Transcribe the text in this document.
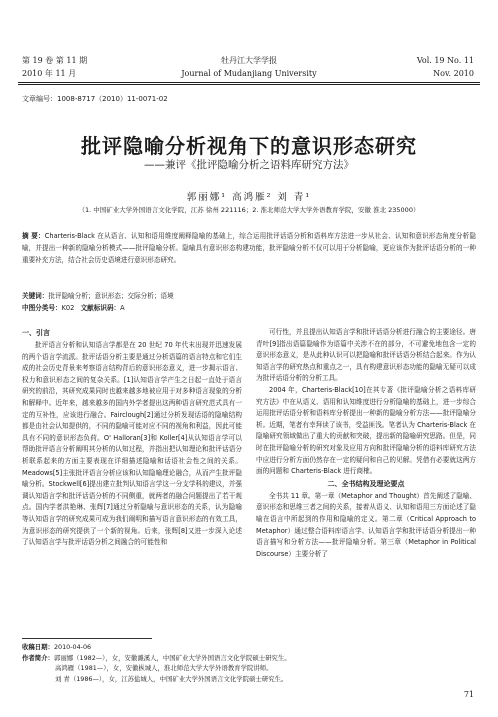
第 19 卷 第 11 期	牡丹江大学学报	Vol. 19 No. 11
2010 年 11 月	Journal of Mudanjiang University	Nov. 2010
文章编号：1008-8717（2010）11-0071-02
批评隐喻分析视角下的意识形态研究
——兼评《批评隐喻分析之语料库研究方法》
郭丽娜¹ 高鸿雁² 刘 青¹
（1. 中国矿业大学外国语言文化学院，江苏 徐州 221116；2. 淮北师范大学大学外语教育学院，安徽 淮北 235000）
摘 要：Charteris-Black 在从语言、认知和语用维度阐释隐喻的基础上，综合运用批评话语分析和语料库方法进一步从社会、认知和意识形态角度分析隐喻，并提出一种新的隐喻分析模式——批评隐喻分析。隐喻具有意识形态构建功能，批评隐喻分析不仅可以用于分析隐喻，更应该作为批评话语分析的一种重要补充方法，结合社会历史语境进行意识形态研究。
关键词：批评隐喻分析；意识形态；交际分析；语境
中图分类号：K02 文献标识码：A
一、引言

批评语言分析和认知语言学都是在 20 世纪 70 年代末出现并迅速发展的两个语言学流派。批评话语分析主要是通过分析语篇的语言特点和它们生成的社会历史背景来考察语言结构背后的意识形态意义，进一步揭示语言、权力和意识形态之间的复杂关系。[1]认知语言学产生之日起一直处于语言研究的前沿，其研究成果同时也越来越多地被应用于对多种语言现象的分析和解释中。近年来，越来越多的国内外学者提出这两种语言研究范式具有一定的互补性，应该进行融合。Fairclough[2]通过分析发现话语的隐喻结构都是由社会认知提供的，不同的隐喻可能对应不同的视角和利益，因此可能具有不同的意识形态负荷。O' Halloran[3]和 Koller[4]从认知语言学可以帮助批评语言分析阐明其分析的认知过程，并指出把认知理论和批评话语分析联系起来的方面主要表现在详细描述隐喻和话语社会性之间的关系。Meadows[5]主张批评语言分析应该和认知隐喻理论融合，从而产生批评隐喻分析。Stockwell[6]提出建立批判认知语言学这一分支学科的建议，并强调认知语言学和批评话语分析的不同侧重，就两者的融合问题提出了若干观点。国内学者洪艳琳、张辉[7]通过分析隐喻与意识形态的关系，认为隐喻等认知语言学的研究成果可成为我们阐明和描写语言意识形态的有效工具，为意识形态的研究提供了一个新的视角。后来，张辉[8]又进一步深入论述了认知语言学与批评话语分析之间融合的可能性和

可行性，并且提出认知语言学和批评话语分析进行融合的主要途径。唐青叶[9]指出语篇隐喻作为语篇中关涉不在的部分，不可避免地包含一定的意识形态意义，是从此种认识可以把隐喻和批评话语分析结合起来。作为认知语言学的研究热点和重点之一，具有构建意识形态功能的隐喻无疑可以成为批评话语分析的分析工具。

2004 年，Charteris-Black[10]在其专著《批评隐喻分析之语料库研究方法》中在从语义、语用和认知维度进行分析隐喻的基础上，进一步综合运用批评话语分析和语料库分析提出一种新的隐喻分析方法——批评隐喻分析。近期，笔者有幸拜读了该书，受益匪浅。笔者认为 Charteris-Black 在隐喻研究领域做出了重大的贡献和突破，提出新的隐喻研究思路。但是，同时在批评隐喻分析的研究对象及应用方向和批评隐喻分析的语料库研究方法中应进行分析方面仍然存在一定的疑问和自己的见解。凭借有必要就这两方面的问题和 Charteris-Black 进行商榷。

二、全书结构及理论要点

全书共 11 章。第一章（Metaphor and Thought）首先阐述了隐喻、意识形态和思维三者之间的关系，接着从语义、认知和语用三方面论述了隐喻在语言中所起到的作用和隐喻的定义。第二章（Critical Approach to Metaphor）通过整合语料库语言学、认知语言学和批评话语分析提出一种语言描写和分析方法——批评隐喻分析。第三章（Metaphor in Political Discourse）主要分析了

收稿日期：2010-04-06
作者简介：郭丽娜（1982—），女，安徽濉溪人，中国矿业大学外国语言文化学院硕士研究生。
高鸿雁（1981—），女，安徽枞城人，淮北师范大学大学外语教育学院讲师。
刘 青（1986—），女，江苏盐城人，中国矿业大学外国语言文化学院硕士研究生。
71
